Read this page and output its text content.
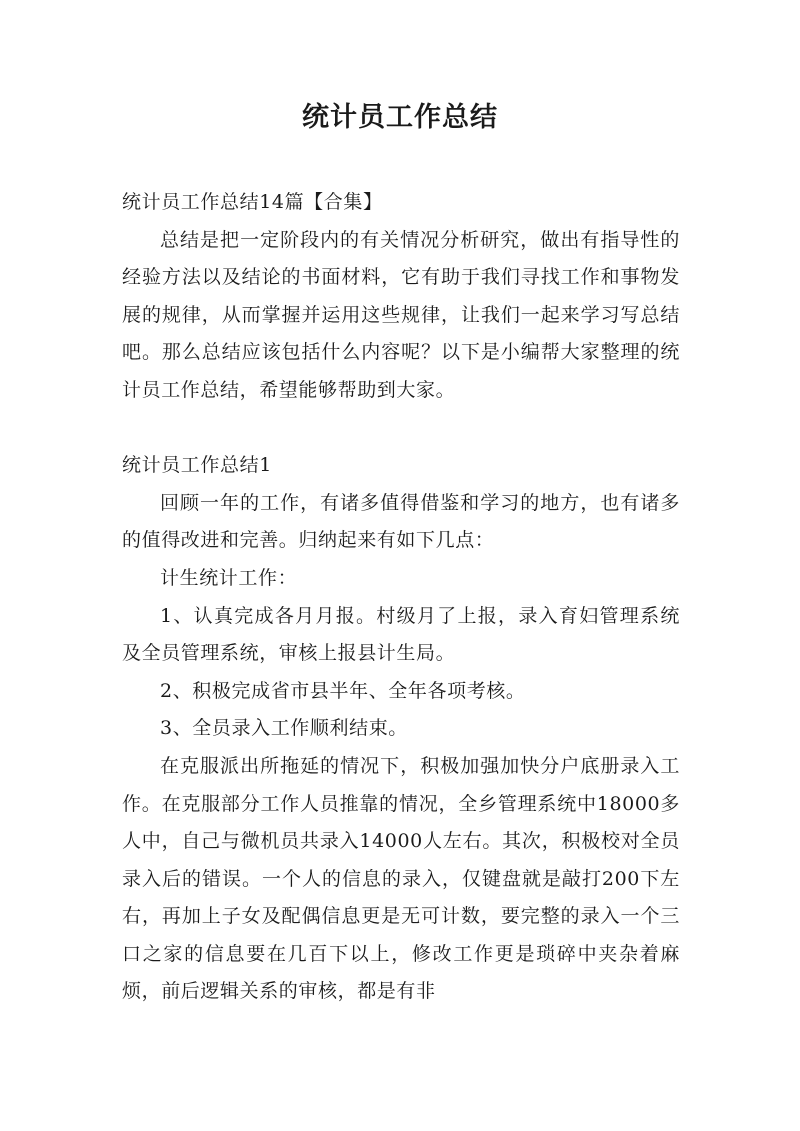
统计员工作总结

统计员工作总结14篇【合集】

总结是把一定阶段内的有关情况分析研究，做出有指导性的经验方法以及结论的书面材料，它有助于我们寻找工作和事物发展的规律，从而掌握并运用这些规律，让我们一起来学习写总结吧。那么总结应该包括什么内容呢？以下是小编帮大家整理的统计员工作总结，希望能够帮助到大家。

统计员工作总结1

回顾一年的工作，有诸多值得借鉴和学习的地方，也有诸多的值得改进和完善。归纳起来有如下几点：

计生统计工作：

1、认真完成各月月报。村级月了上报，录入育妇管理系统及全员管理系统，审核上报县计生局。

2、积极完成省市县半年、全年各项考核。

3、全员录入工作顺利结束。

在克服派出所拖延的情况下，积极加强加快分户底册录入工作。在克服部分工作人员推靠的情况，全乡管理系统中18000多人中，自己与微机员共录入14000人左右。其次，积极校对全员录入后的错误。一个人的信息的录入，仅键盘就是敲打200下左右，再加上子女及配偶信息更是无可计数，要完整的录入一个三口之家的信息要在几百下以上，修改工作更是琐碎中夹杂着麻烦，前后逻辑关系的审核，都是有非
